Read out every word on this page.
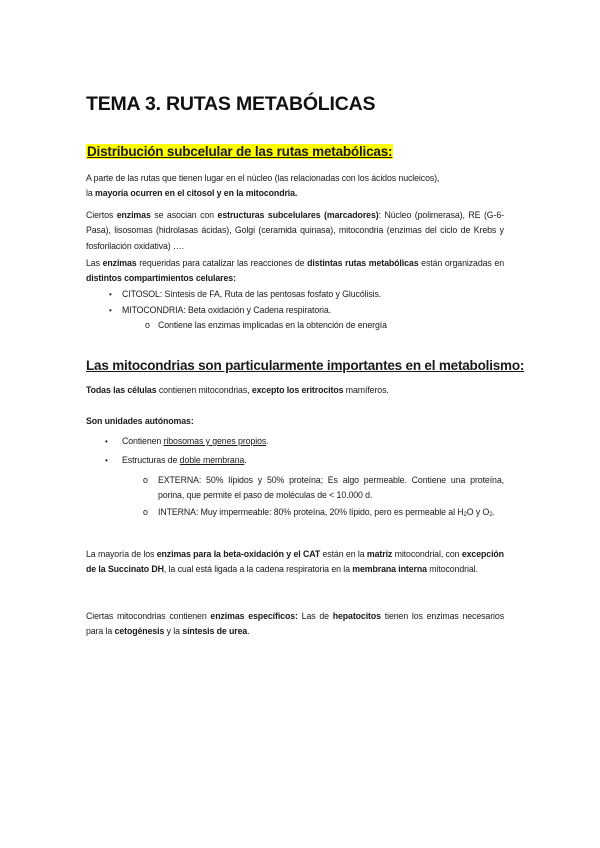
TEMA 3. RUTAS METABÓLICAS
Distribución subcelular de las rutas metabólicas:
A parte de las rutas que tienen lugar en el núcleo (las relacionadas con los ácidos nucleicos),
la mayoría ocurren en el citosol y en la mitocondria.
Ciertos enzimas se asocian con estructuras subcelulares (marcadores): Núcleo (polimerasa), RE (G-6-Pasa), lisosomas (hidrolasas ácidas), Golgi (ceramida quinasa), mitocondria (enzimas del ciclo de Krebs y fosforilación oxidativa) ….
Las enzimas requeridas para catalizar las reacciones de distintas rutas metabólicas están organizadas en distintos compartimientos celulares:
• CITOSOL: Síntesis de FA, Ruta de las pentosas fosfato y Glucólisis.
• MITOCONDRIA: Beta oxidación y Cadena respiratoria.
o Contiene las enzimas implicadas en la obtención de energía
Las mitocondrias son particularmente importantes en el metabolismo:
Todas las células contienen mitocondrias, excepto los eritrocitos mamíferos.
Son unidades autónomas:
• Contienen ribosomas y genes propios.
• Estructuras de doble membrana.
o EXTERNA: 50% lípidos y 50% proteína; Es algo permeable. Contiene una proteína, porina, que permite el paso de moléculas de < 10.000 d.
o INTERNA: Muy impermeable: 80% proteína, 20% lípido, pero es permeable al $H_2O$ y $O_2$.
La mayoría de los enzimas para la beta-oxidación y el CAT están en la matriz mitocondrial, con excepción de la Succinato DH, la cual está ligada a la cadena respiratoria en la membrana interna mitocondrial.
Ciertas mitocondrias contienen enzimas específicos: Las de hepatocitos tienen los enzimas necesarios para la cetogénesis y la síntesis de urea.
